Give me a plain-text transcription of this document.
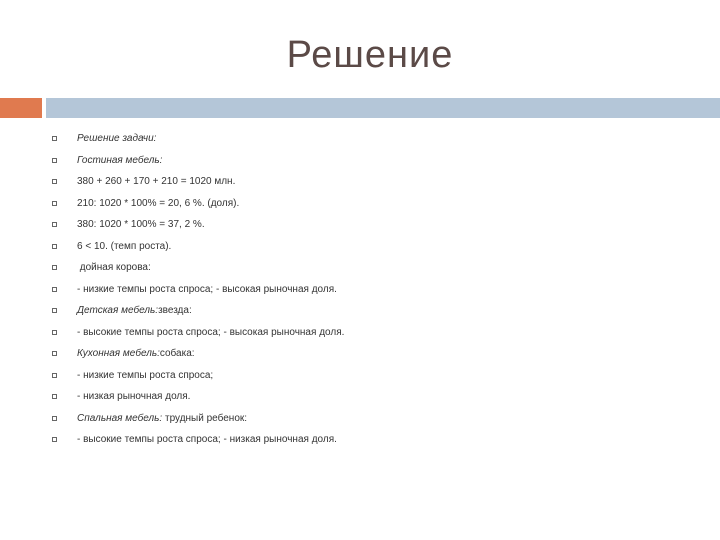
Решение
Решение задачи:
Гостиная мебель:
380 + 260 + 170 + 210 = 1020 млн.
210: 1020 * 100% = 20, 6 %. (доля).
380: 1020 * 100% = 37, 2 %.
6 < 10. (темп роста).
дойная корова:
- низкие темпы роста спроса; - высокая рыночная доля.
Детская мебель: звезда:
- высокие темпы роста спроса; - высокая рыночная доля.
Кухонная мебель: собака:
- низкие темпы роста спроса;
- низкая рыночная доля.
Спальная мебель: трудный ребенок:
- высокие темпы роста спроса; - низкая рыночная доля.
